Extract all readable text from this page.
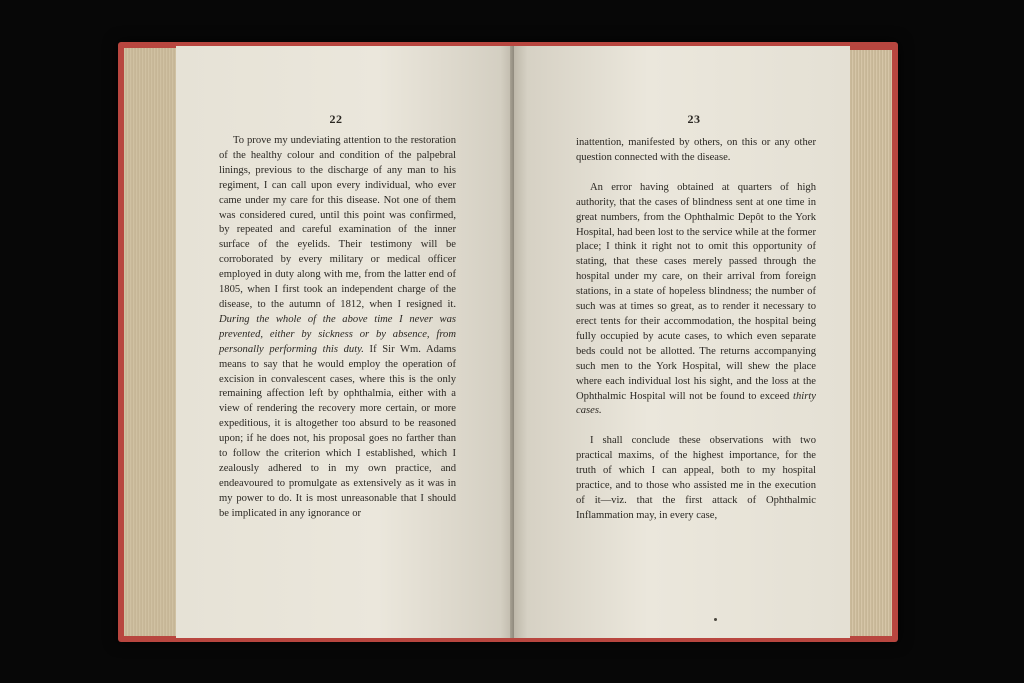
22

To prove my undeviating attention to the restoration of the healthy colour and condition of the palpebral linings, previous to the discharge of any man to his regiment, I can call upon every individual, who ever came under my care for this disease. Not one of them was considered cured, until this point was confirmed, by repeated and careful examination of the inner surface of the eyelids. Their testimony will be corroborated by every military or medical officer employed in duty along with me, from the latter end of 1805, when I first took an independent charge of the disease, to the autumn of 1812, when I resigned it. During the whole of the above time I never was prevented, either by sickness or by absence, from personally performing this duty. If Sir Wm. Adams means to say that he would employ the operation of excision in convalescent cases, where this is the only remaining affection left by ophthalmia, either with a view of rendering the recovery more certain, or more expeditious, it is altogether too absurd to be reasoned upon; if he does not, his proposal goes no farther than to follow the criterion which I established, which I zealously adhered to in my own practice, and endeavoured to promulgate as extensively as it was in my power to do. It is most unreasonable that I should be implicated in any ignorance or

23

inattention, manifested by others, on this or any other question connected with the disease.

An error having obtained at quarters of high authority, that the cases of blindness sent at one time in great numbers, from the Ophthalmic Depôt to the York Hospital, had been lost to the service while at the former place; I think it right not to omit this opportunity of stating, that these cases merely passed through the hospital under my care, on their arrival from foreign stations, in a state of hopeless blindness; the number of such was at times so great, as to render it necessary to erect tents for their accommodation, the hospital being fully occupied by acute cases, to which even separate beds could not be allotted. The returns accompanying such men to the York Hospital, will shew the place where each individual lost his sight, and the loss at the Ophthalmic Hospital will not be found to exceed thirty cases.

I shall conclude these observations with two practical maxims, of the highest importance, for the truth of which I can appeal, both to my hospital practice, and to those who assisted me in the execution of it—viz. that the first attack of Ophthalmic Inflammation may, in every case,
